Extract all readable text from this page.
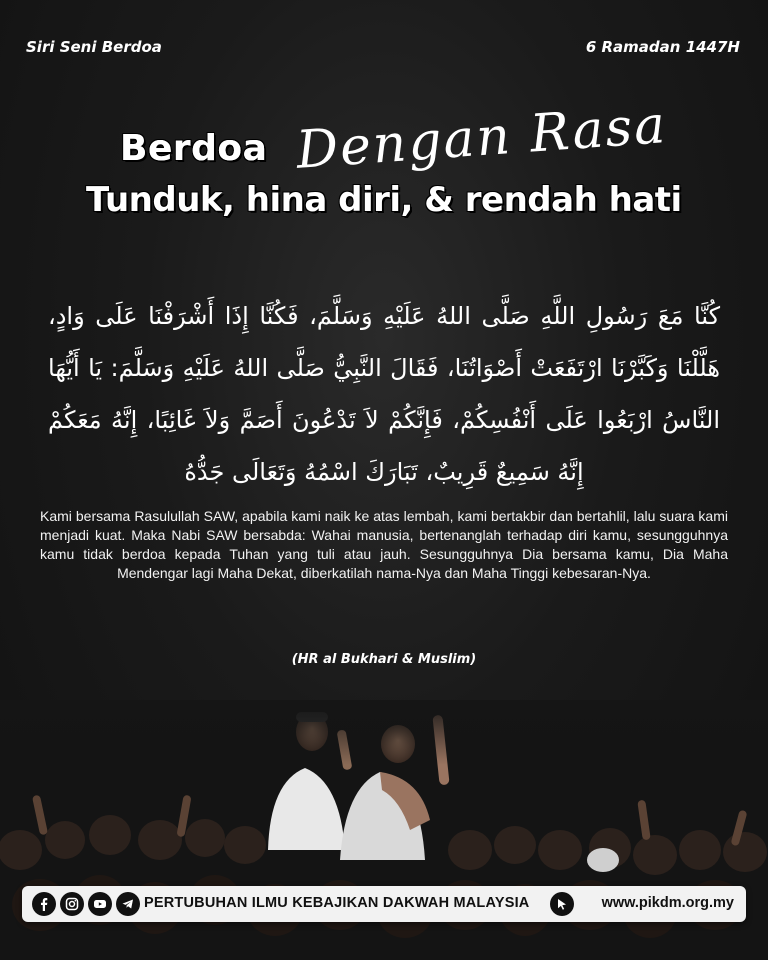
Siri Seni Berdoa	6 Ramadan 1447H
Berdoa Dengan Rasa
Tunduk, hina diri, & rendah hati
كُنَّا مَعَ رَسُولِ اللَّهِ صَلَّى اللهُ عَلَيْهِ وَسَلَّمَ، فَكُنَّا إِذَا أَشْرَفْنَا عَلَى وَادٍ، هَلَّلْنَا وَكَبَّرْنَا ارْتَفَعَتْ أَصْوَاتُنَا، فَقَالَ النَّبِيُّ صَلَّى اللهُ عَلَيْهِ وَسَلَّمَ: يَا أَيُّهَا النَّاسُ ارْبَعُوا عَلَى أَنْفُسِكُمْ، فَإِنَّكُمْ لاَ تَدْعُونَ أَصَمَّ وَلاَ غَائِبًا، إِنَّهُ مَعَكُمْ إِنَّهُ سَمِيعٌ قَرِيبٌ، تَبَارَكَ اسْمُهُ وَتَعَالَى جَدُّهُ
Kami bersama Rasulullah SAW, apabila kami naik ke atas lembah, kami bertakbir dan bertahlil, lalu suara kami menjadi kuat. Maka Nabi SAW bersabda: Wahai manusia, bertenanglah terhadap diri kamu, sesungguhnya kamu tidak berdoa kepada Tuhan yang tuli atau jauh. Sesungguhnya Dia bersama kamu, Dia Maha Mendengar lagi Maha Dekat, diberkatilah nama-Nya dan Maha Tinggi kebesaran-Nya.
(HR al Bukhari & Muslim)
PERTUBUHAN ILMU KEBAJIKAN DAKWAH MALAYSIA	www.pikdm.org.my
